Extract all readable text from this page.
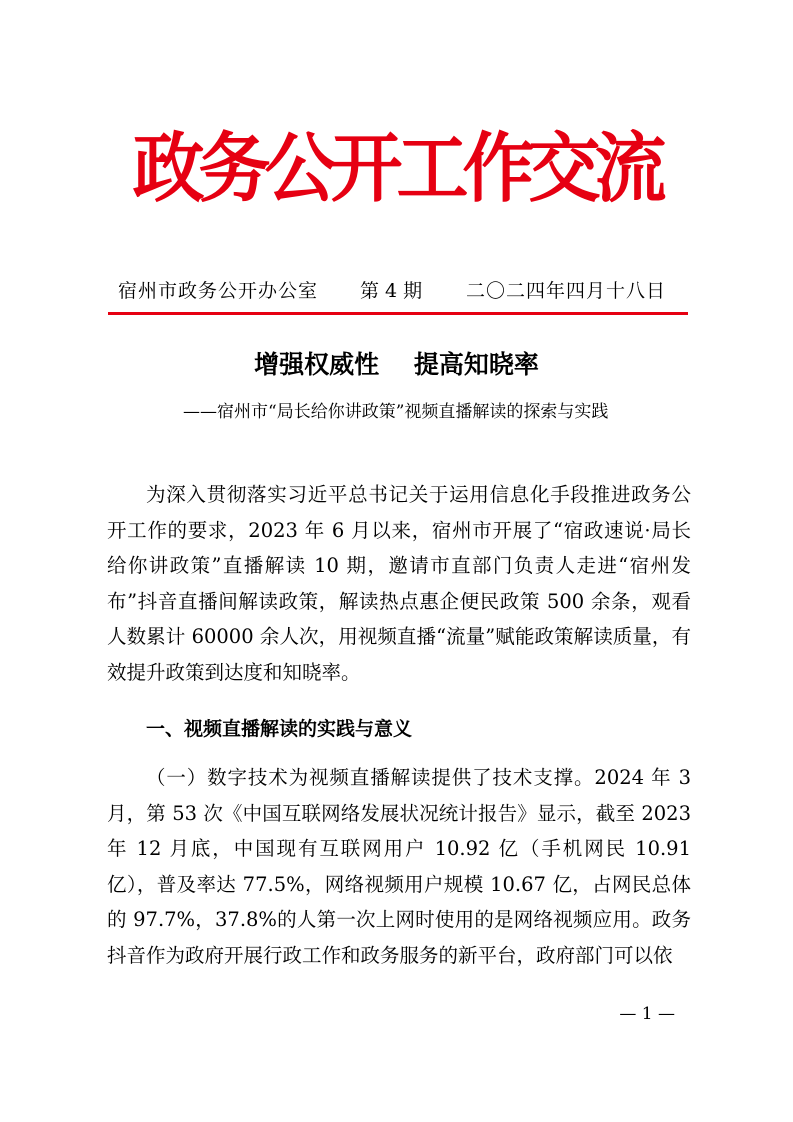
政务公开工作交流
宿州市政务公开办公室 第 4 期 二〇二四年四月十八日
增强权威性    提高知晓率
——宿州市“局长给你讲政策”视频直播解读的探索与实践

为深入贯彻落实习近平总书记关于运用信息化手段推进政务公开工作的要求，2023 年 6 月以来，宿州市开展了“宿政速说·局长给你讲政策”直播解读 10 期，邀请市直部门负责人走进“宿州发布”抖音直播间解读政策，解读热点惠企便民政策 500 余条，观看人数累计 60000 余人次，用视频直播“流量”赋能政策解读质量，有效提升政策到达度和知晓率。

一、视频直播解读的实践与意义

（一）数字技术为视频直播解读提供了技术支撑。2024 年 3 月，第 53 次《中国互联网络发展状况统计报告》显示，截至 2023 年 12 月底，中国现有互联网用户 10.92 亿（手机网民 10.91 亿），普及率达 77.5%，网络视频用户规模 10.67 亿，占网民总体的 97.7%，37.8%的人第一次上网时使用的是网络视频应用。政务抖音作为政府开展行政工作和政务服务的新平台，政府部门可以依

— 1 —
